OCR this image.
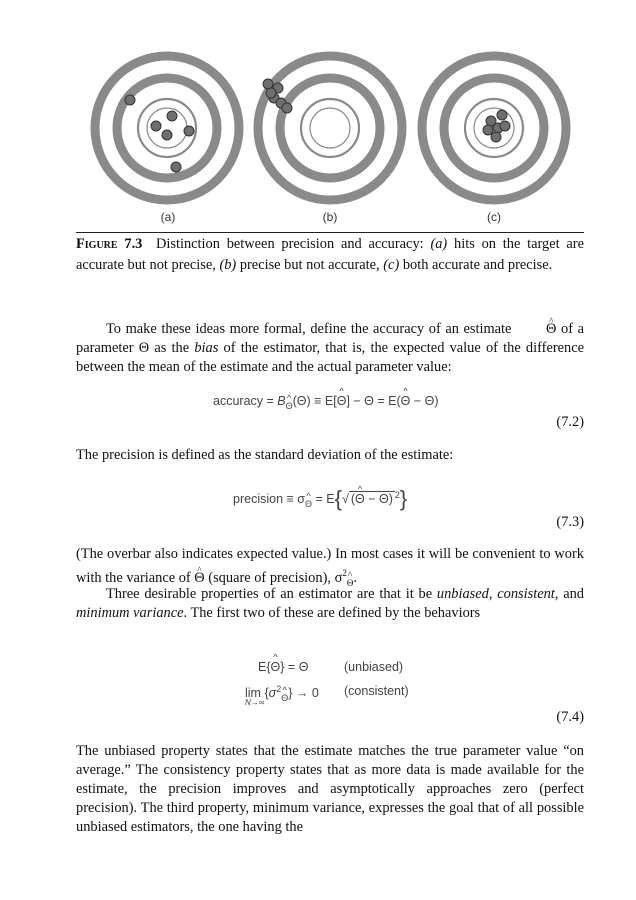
(a)	(b)	(c)
Figure 7.3 Distinction between precision and accuracy: (a) hits on the target are accurate but not precise, (b) precise but not accurate, (c) both accurate and precise.
To make these ideas more formal, define the accuracy of an estimate ^ Θ of a parameter Θ as the bias of the estimator, that is, the expected value of the difference between the mean of the estimate and the actual parameter value:
accuracy = B^ $_\Theta$(Θ) ≡ E[^ Θ] − Θ = E(^ Θ − Θ)
(7.2)
The precision is defined as the standard deviation of the estimate:
precision ≡ σ^ $_\Theta$ = E{√ (^ $\Theta - \overline{\Theta}$) $^2$}
(7.3)
(The overbar also indicates expected value.) In most cases it will be convenient to work with the variance of ^ Θ (square of precision), $\sigma^2\^{}$ $_\Theta$.
Three desirable properties of an estimator are that it be unbiased, consistent, and minimum variance. The first two of these are defined by the behaviors
E{^ Θ} = Θ	(unbiased)
$\lim \{\sigma^2\^{}$ $_\Theta$} → 0 (consistent)
N→∞
(7.4)
The unbiased property states that the estimate matches the true parameter value “on average.” The consistency property states that as more data is made available for the estimate, the precision improves and asymptotically approaches zero (perfect precision). The third property, minimum variance, expresses the goal that of all possible unbiased estimators, the one having the
